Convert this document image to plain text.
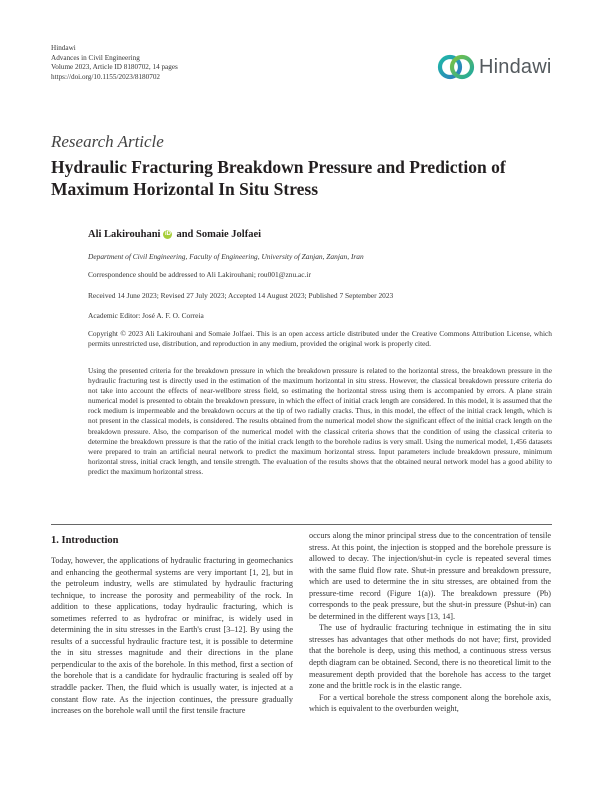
Hindawi
Advances in Civil Engineering
Volume 2023, Article ID 8180702, 14 pages
https://doi.org/10.1155/2023/8180702	Hindawi
Research Article
Hydraulic Fracturing Breakdown Pressure and Prediction of Maximum Horizontal In Situ Stress
Ali Lakirouhani iD and Somaie Jolfaei
Department of Civil Engineering, Faculty of Engineering, University of Zanjan, Zanjan, Iran
Correspondence should be addressed to Ali Lakirouhani; rou001@znu.ac.ir
Received 14 June 2023; Revised 27 July 2023; Accepted 14 August 2023; Published 7 September 2023
Academic Editor: José A. F. O. Correia
Copyright © 2023 Ali Lakirouhani and Somaie Jolfaei. This is an open access article distributed under the Creative Commons Attribution License, which permits unrestricted use, distribution, and reproduction in any medium, provided the original work is properly cited.
Using the presented criteria for the breakdown pressure in which the breakdown pressure is related to the horizontal stress, the breakdown pressure in the hydraulic fracturing test is directly used in the estimation of the maximum horizontal in situ stress. However, the classical breakdown pressure criteria do not take into account the effects of near-wellbore stress field, so estimating the horizontal stress using them is accompanied by errors. A plane strain numerical model is presented to obtain the breakdown pressure, in which the effect of initial crack length are considered. In this model, it is assumed that the rock medium is impermeable and the breakdown occurs at the tip of two radially cracks. Thus, in this model, the effect of the initial crack length, which is not present in the classical models, is considered. The results obtained from the numerical model show the significant effect of the initial crack length on the breakdown pressure. Also, the comparison of the numerical model with the classical criteria shows that the condition of using the classical criteria to determine the breakdown pressure is that the ratio of the initial crack length to the borehole radius is very small. Using the numerical model, 1,456 datasets were prepared to train an artificial neural network to predict the maximum horizontal stress. Input parameters include breakdown pressure, minimum horizontal stress, initial crack length, and tensile strength. The evaluation of the results shows that the obtained neural network model has a good ability to predict the maximum horizontal stress.
1. Introduction

Today, however, the applications of hydraulic fracturing in geomechanics and enhancing the geothermal systems are very important [1, 2], but in the petroleum industry, wells are stimulated by hydraulic fracturing technique, to increase the porosity and permeability of the rock. In addition to these applications, today hydraulic fracturing, which is sometimes referred to as hydrofrac or minifrac, is widely used in determining the in situ stresses in the Earth's crust [3–12]. By using the results of a successful hydraulic fracture test, it is possible to determine the in situ stresses magnitude and their directions in the plane perpendicular to the axis of the borehole. In this method, first a section of the borehole that is a candidate for hydraulic fracturing is sealed off by straddle packer. Then, the fluid which is usually water, is injected at a constant flow rate. As the injection continues, the pressure gradually increases on the borehole wall until the first tensile fracture

occurs along the minor principal stress due to the concentration of tensile stress. At this point, the injection is stopped and the borehole pressure is allowed to decay. The injection/shut-in cycle is repeated several times with the same fluid flow rate. Shut-in pressure and breakdown pressure, which are used to determine the in situ stresses, are obtained from the pressure-time record (Figure 1(a)). The breakdown pressure (Pb) corresponds to the peak pressure, but the shut-in pressure (Pshut-in) can be determined in the different ways [13, 14].

The use of hydraulic fracturing technique in estimating the in situ stresses has advantages that other methods do not have; first, provided that the borehole is deep, using this method, a continuous stress versus depth diagram can be obtained. Second, there is no theoretical limit to the measurement depth provided that the borehole has access to the target zone and the brittle rock is in the elastic range.

For a vertical borehole the stress component along the borehole axis, which is equivalent to the overburden weight,
